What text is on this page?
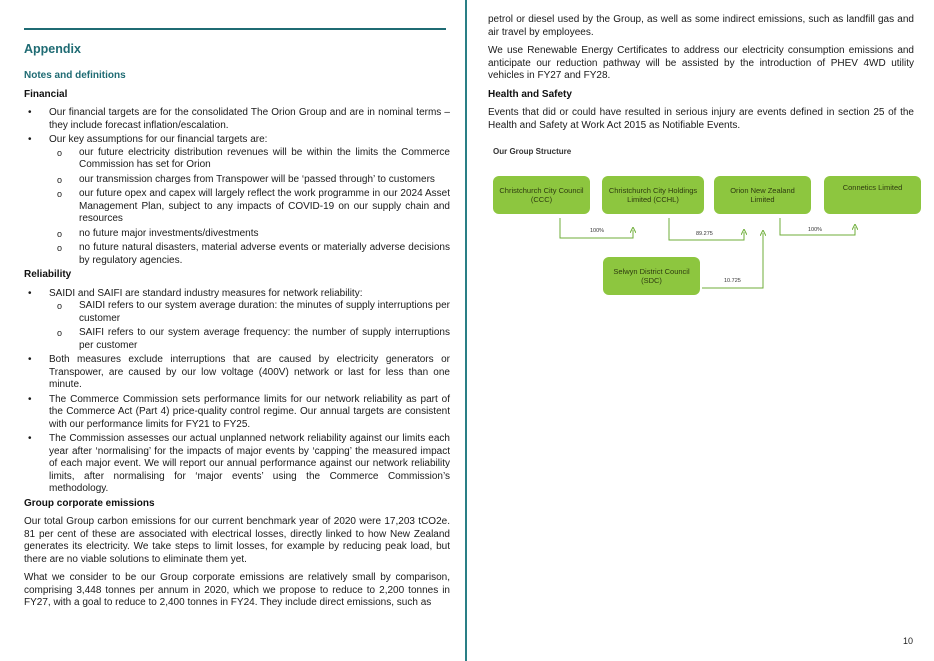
Appendix
Notes and definitions
Financial
• Our financial targets are for the consolidated The Orion Group and are in nominal terms – they include forecast inflation/escalation.
• Our key assumptions for our financial targets are:
o our future electricity distribution revenues will be within the limits the Commerce Commission has set for Orion
o our transmission charges from Transpower will be ‘passed through’ to customers
o our future opex and capex will largely reflect the work programme in our 2024 Asset Management Plan, subject to any impacts of COVID-19 on our supply chain and resources
o no future major investments/divestments
o no future natural disasters, material adverse events or materially adverse decisions by regulatory agencies.
Reliability
• SAIDI and SAIFI are standard industry measures for network reliability:
o SAIDI refers to our system average duration: the minutes of supply interruptions per customer
o SAIFI refers to our system average frequency: the number of supply interruptions per customer
• Both measures exclude interruptions that are caused by electricity generators or Transpower, are caused by our low voltage (400V) network or last for less than one minute.
• The Commerce Commission sets performance limits for our network reliability as part of the Commerce Act (Part 4) price-quality control regime. Our annual targets are consistent with our performance limits for FY21 to FY25.
• The Commission assesses our actual unplanned network reliability against our limits each year after ‘normalising’ for the impacts of major events by ‘capping’ the measured impact of each major event. We will report our annual performance against our network reliability limits, after normalising for ‘major events’ using the Commerce Commission’s methodology.
Group corporate emissions

Our total Group carbon emissions for our current benchmark year of 2020 were 17,203 tCO2e. 81 per cent of these are associated with electrical losses, directly linked to how New Zealand generates its electricity. We take steps to limit losses, for example by reducing peak load, but there are no viable solutions to eliminate them yet.

What we consider to be our Group corporate emissions are relatively small by comparison, comprising 3,448 tonnes per annum in 2020, which we propose to reduce to 2,200 tonnes in FY27, with a goal to reduce to 2,400 tonnes in FY24. They include direct emissions, such as

petrol or diesel used by the Group, as well as some indirect emissions, such as landfill gas and air travel by employees.

We use Renewable Energy Certificates to address our electricity consumption emissions and anticipate our reduction pathway will be assisted by the introduction of PHEV 4WD utility vehicles in FY27 and FY28.

Health and Safety

Events that did or could have resulted in serious injury are events defined in section 25 of the Health and Safety at Work Act 2015 as Notifiable Events.

Our Group Structure
Christchurch City Council (CCC)
Christchurch City Holdings Limited (CCHL)
Orion New Zealand Limited
Connetics Limited
Selwyn District Council (SDC)
100%	89.275
100%
10.725
10
